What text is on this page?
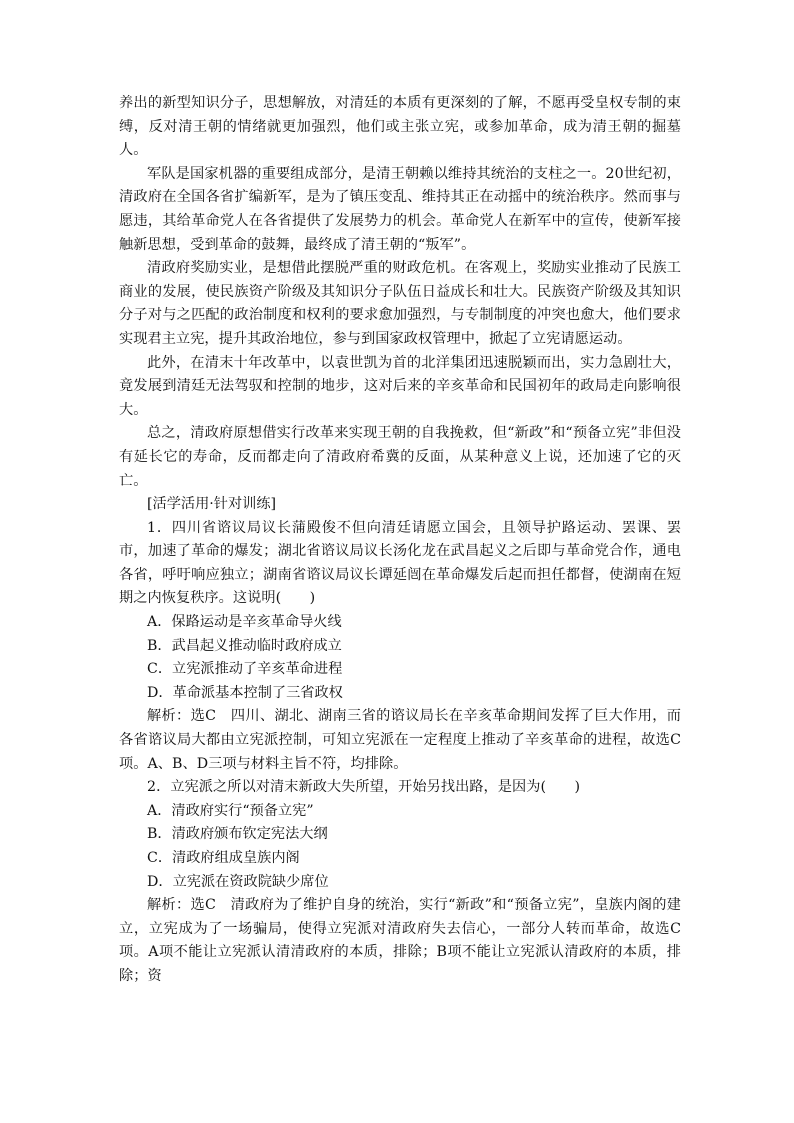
养出的新型知识分子，思想解放，对清廷的本质有更深刻的了解，不愿再受皇权专制的束缚，反对清王朝的情绪就更加强烈，他们或主张立宪，或参加革命，成为清王朝的掘墓人。

军队是国家机器的重要组成部分，是清王朝赖以维持其统治的支柱之一。20世纪初，清政府在全国各省扩编新军，是为了镇压变乱、维持其正在动摇中的统治秩序。然而事与愿违，其给革命党人在各省提供了发展势力的机会。革命党人在新军中的宣传，使新军接触新思想，受到革命的鼓舞，最终成了清王朝的“叛军”。

清政府奖励实业，是想借此摆脱严重的财政危机。在客观上，奖励实业推动了民族工商业的发展，使民族资产阶级及其知识分子队伍日益成长和壮大。民族资产阶级及其知识分子对与之匹配的政治制度和权利的要求愈加强烈，与专制制度的冲突也愈大，他们要求实现君主立宪，提升其政治地位，参与到国家政权管理中，掀起了立宪请愿运动。

此外，在清末十年改革中，以袁世凯为首的北洋集团迅速脱颖而出，实力急剧壮大，竟发展到清廷无法驾驭和控制的地步，这对后来的辛亥革命和民国初年的政局走向影响很大。

总之，清政府原想借实行改革来实现王朝的自我挽救，但“新政”和“预备立宪”非但没有延长它的寿命，反而都走向了清政府希冀的反面，从某种意义上说，还加速了它的灭亡。

[活学活用·针对训练]

1．四川省谘议局议长蒲殿俊不但向清廷请愿立国会，且领导护路运动、罢课、罢市，加速了革命的爆发；湖北省谘议局议长汤化龙在武昌起义之后即与革命党合作，通电各省，呼吁响应独立；湖南省谘议局议长谭延闿在革命爆发后起而担任都督，使湖南在短期之内恢复秩序。这说明(　　)

A．保路运动是辛亥革命导火线

B．武昌起义推动临时政府成立

C．立宪派推动了辛亥革命进程

D．革命派基本控制了三省政权

解析：选C　四川、湖北、湖南三省的谘议局长在辛亥革命期间发挥了巨大作用，而各省谘议局大都由立宪派控制，可知立宪派在一定程度上推动了辛亥革命的进程，故选C项。A、B、D三项与材料主旨不符，均排除。

2．立宪派之所以对清末新政大失所望，开始另找出路，是因为(　　)

A．清政府实行“预备立宪”

B．清政府颁布钦定宪法大纲

C．清政府组成皇族内阁

D．立宪派在资政院缺少席位

解析：选C　清政府为了维护自身的统治，实行“新政”和“预备立宪”，皇族内阁的建立，立宪成为了一场骗局，使得立宪派对清政府失去信心，一部分人转而革命，故选C项。A项不能让立宪派认清清政府的本质，排除；B项不能让立宪派认清政府的本质，排除；资
